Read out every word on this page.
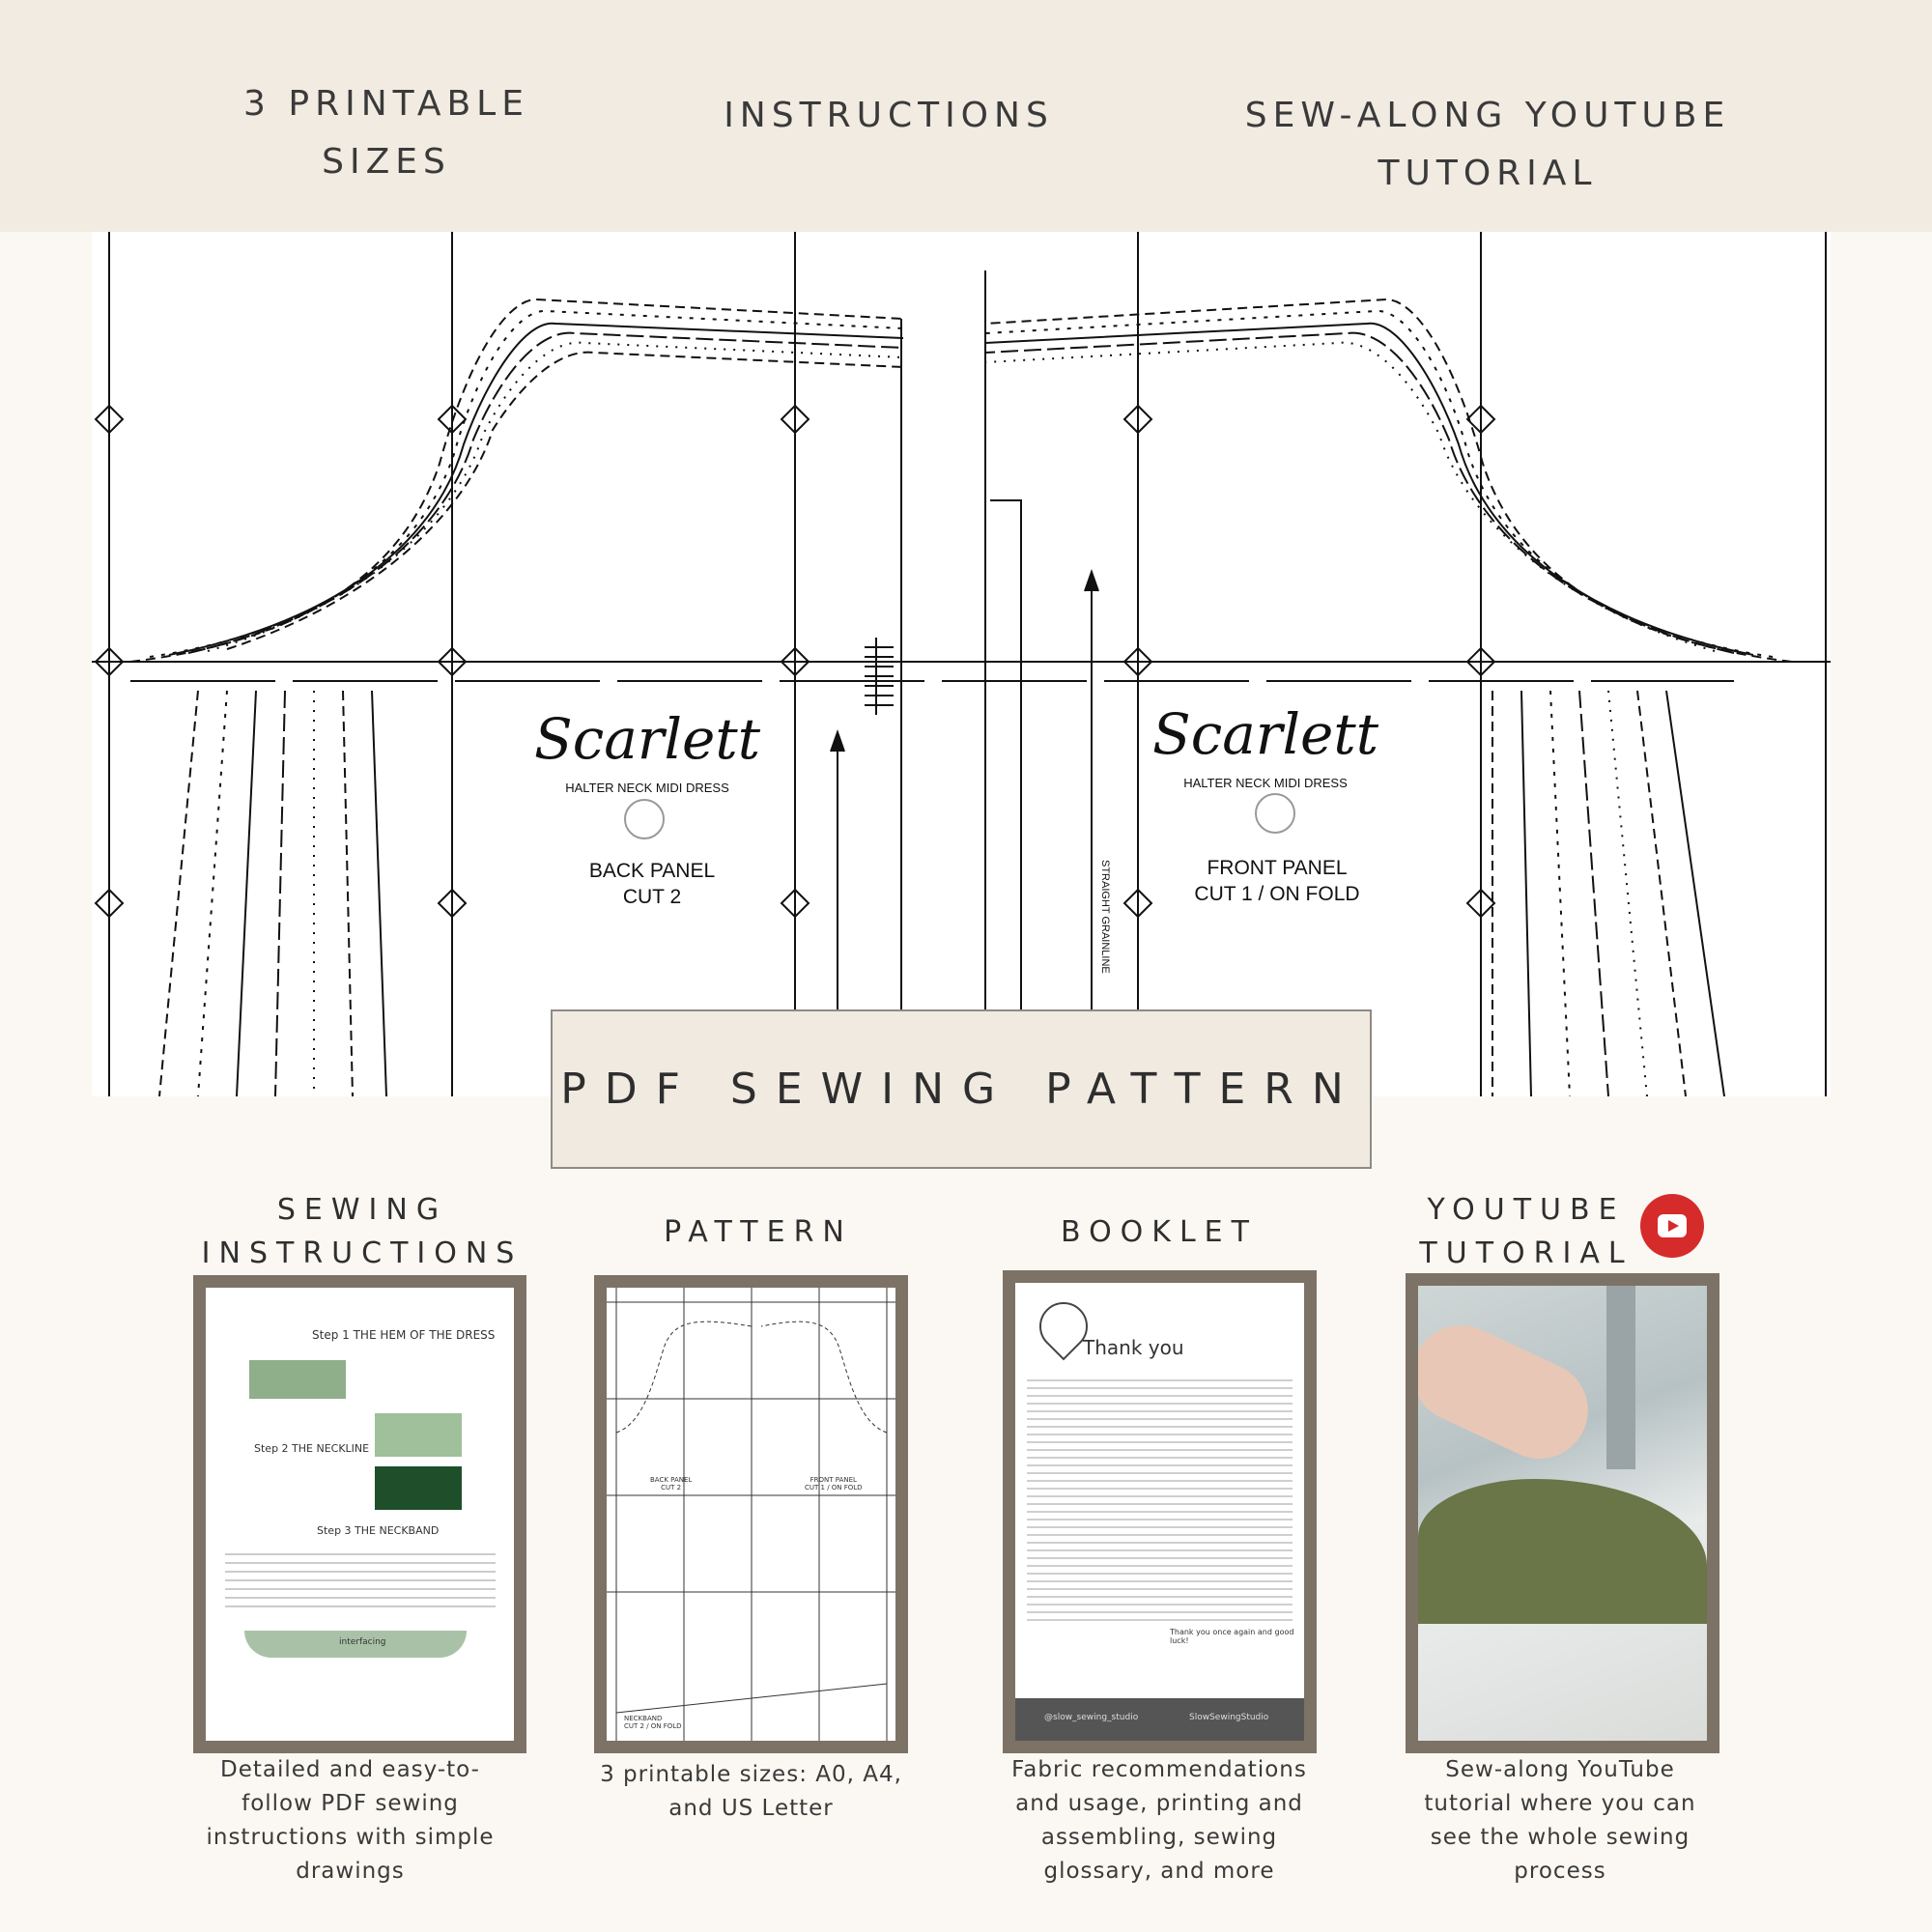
3 PRINTABLE
SIZES
INSTRUCTIONS	SEW-ALONG YOUTUBE
TUTORIAL
Scarlett
HALTER NECK MIDI DRESS
BACK PANEL
CUT 2
Scarlett
HALTER NECK MIDI DRESS
FRONT PANEL
CUT 1 / ON FOLD
STRAIGHT GRAINLINE
PDF SEWING PATTERN
SEWING
INSTRUCTIONS
PATTERN	BOOKLET
YOUTUBE
TUTORIAL
Step 1 THE HEM OF THE DRESS
Step 2 THE NECKLINE
Step 3 THE NECKBAND
interfacing
BACK PANEL
CUT 2
FRONT PANEL
CUT 1 / ON FOLD
NECKBAND
CUT 2 / ON FOLD
Thank you
Thank you once again and good luck!
@slow_sewing_studio	SlowSewingStudio
Detailed and easy-to-
follow PDF sewing
instructions with simple
drawings
3 printable sizes: A0, A4,
and US Letter
Fabric recommendations
and usage, printing and
assembling, sewing
glossary, and more
Sew-along YouTube
tutorial where you can
see the whole sewing
process
